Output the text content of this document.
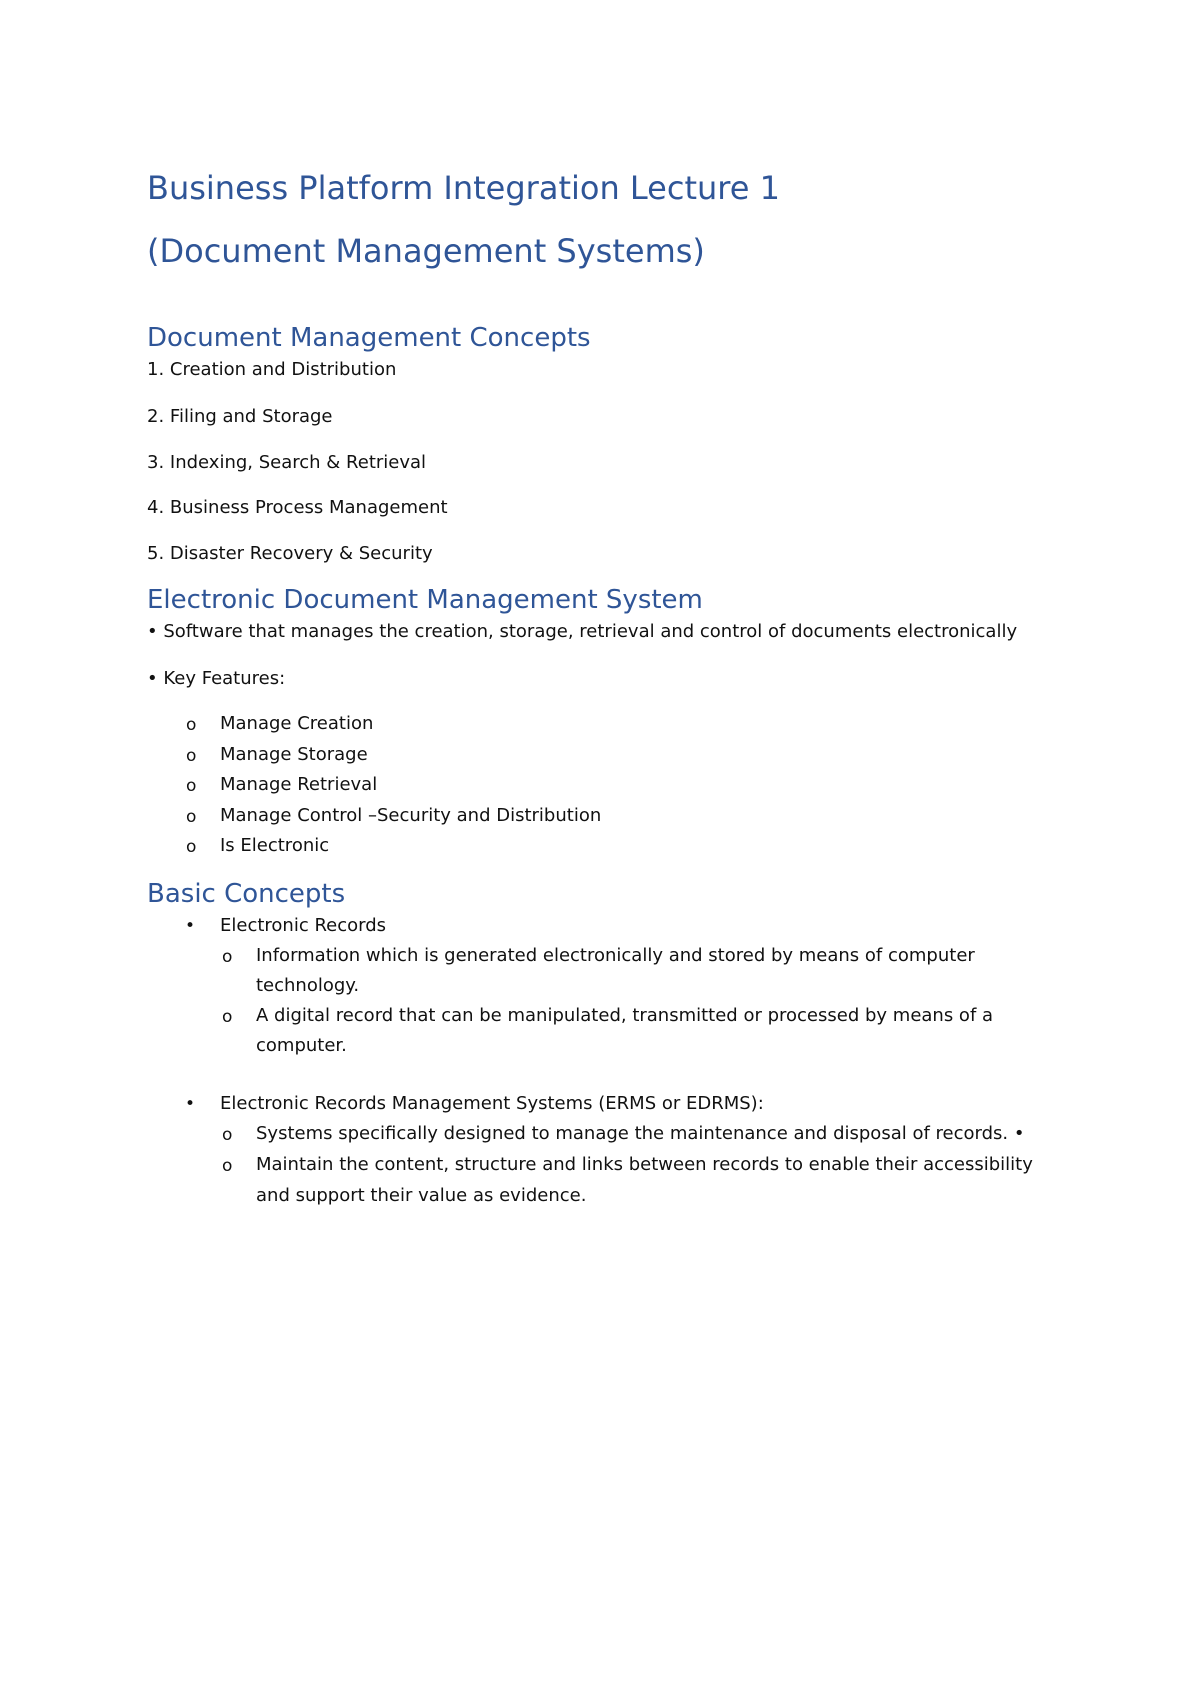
Business Platform Integration Lecture 1
(Document Management Systems)
Document Management Concepts

1. Creation and Distribution

2. Filing and Storage

3. Indexing, Search & Retrieval

4. Business Process Management

5. Disaster Recovery & Security

Electronic Document Management System

• Software that manages the creation, storage, retrieval and control of documents electronically

• Key Features:

o Manage Creation

o Manage Storage

o Manage Retrieval

o Manage Control –Security and Distribution

o Is Electronic

Basic Concepts
• Electronic Records

o Information which is generated electronically and stored by means of computer

technology.

o A digital record that can be manipulated, transmitted or processed by means of a

computer.

• Electronic Records Management Systems (ERMS or EDRMS):

o Systems specifically designed to manage the maintenance and disposal of records. •

o Maintain the content, structure and links between records to enable their accessibility

and support their value as evidence.
